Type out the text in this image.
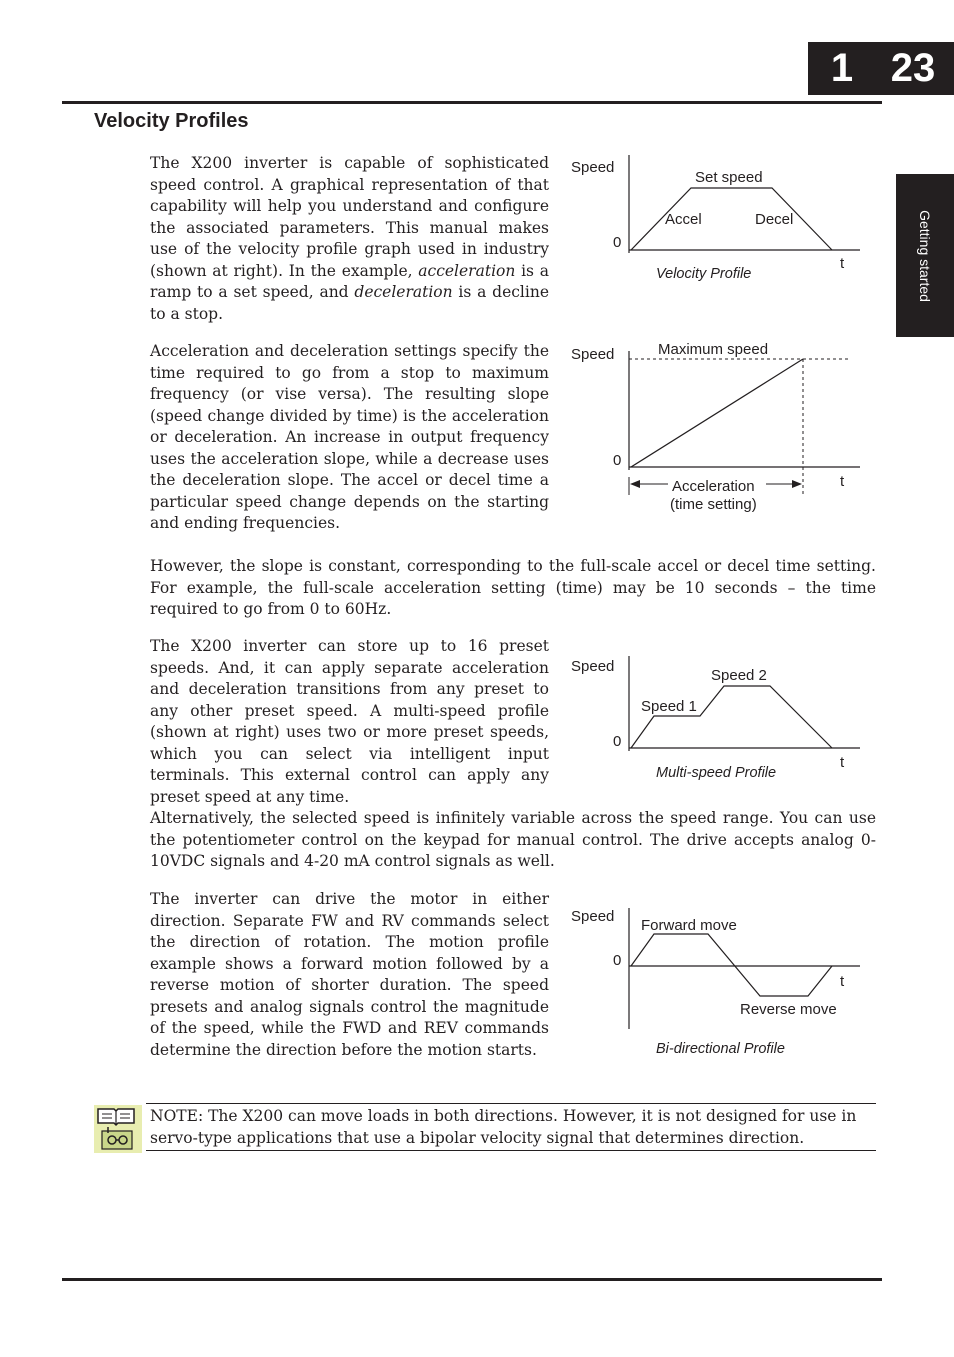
1 23
Getting started
Velocity Profiles

The X200 inverter is capable of sophisticated speed control. A graphical representation of that capability will help you understand and configure the associated parameters. This manual makes use of the velocity profile graph used in industry (shown at right). In the example, acceleration is a ramp to a set speed, and deceleration is a decline to a stop.

Speed
0
t
Set speed
Accel	Decel
Velocity Profile

Acceleration and deceleration settings specify the time required to go from a stop to maximum frequency (or vise versa). The resulting slope (speed change divided by time) is the acceleration or deceleration. An increase in output frequency uses the acceleration slope, while a decrease uses the deceleration slope. The accel or decel time a particular speed change depends on the starting and ending frequencies.

However, the slope is constant, corresponding to the full-scale accel or decel time setting. For example, the full-scale acceleration setting (time) may be 10 seconds – the time required to go from 0 to 60Hz.

Speed	Maximum speed
0
t
Acceleration
(time setting)

The X200 inverter can store up to 16 preset speeds. And, it can apply separate acceleration and deceleration transitions from any preset to any other preset speed. A multi-speed profile (shown at right) uses two or more preset speeds, which you can select via intelligent input terminals. This external control can apply any preset speed at any time.

Alternatively, the selected speed is infinitely variable across the speed range. You can use the potentiometer control on the keypad for manual control. The drive accepts analog 0-10VDC signals and 4-20 mA control signals as well.

Speed
0
t
Speed 1
Speed 2
Multi-speed Profile

The inverter can drive the motor in either direction. Separate FW and RV commands select the direction of rotation. The motion profile example shows a forward motion followed by a reverse motion of shorter duration. The speed presets and analog signals control the magnitude of the speed, while the FWD and REV commands determine the direction before the motion starts.

Speed
0
t
Forward move
Reverse move
Bi-directional Profile

NOTE: The X200 can move loads in both directions. However, it is not designed for use in servo-type applications that use a bipolar velocity signal that determines direction.
